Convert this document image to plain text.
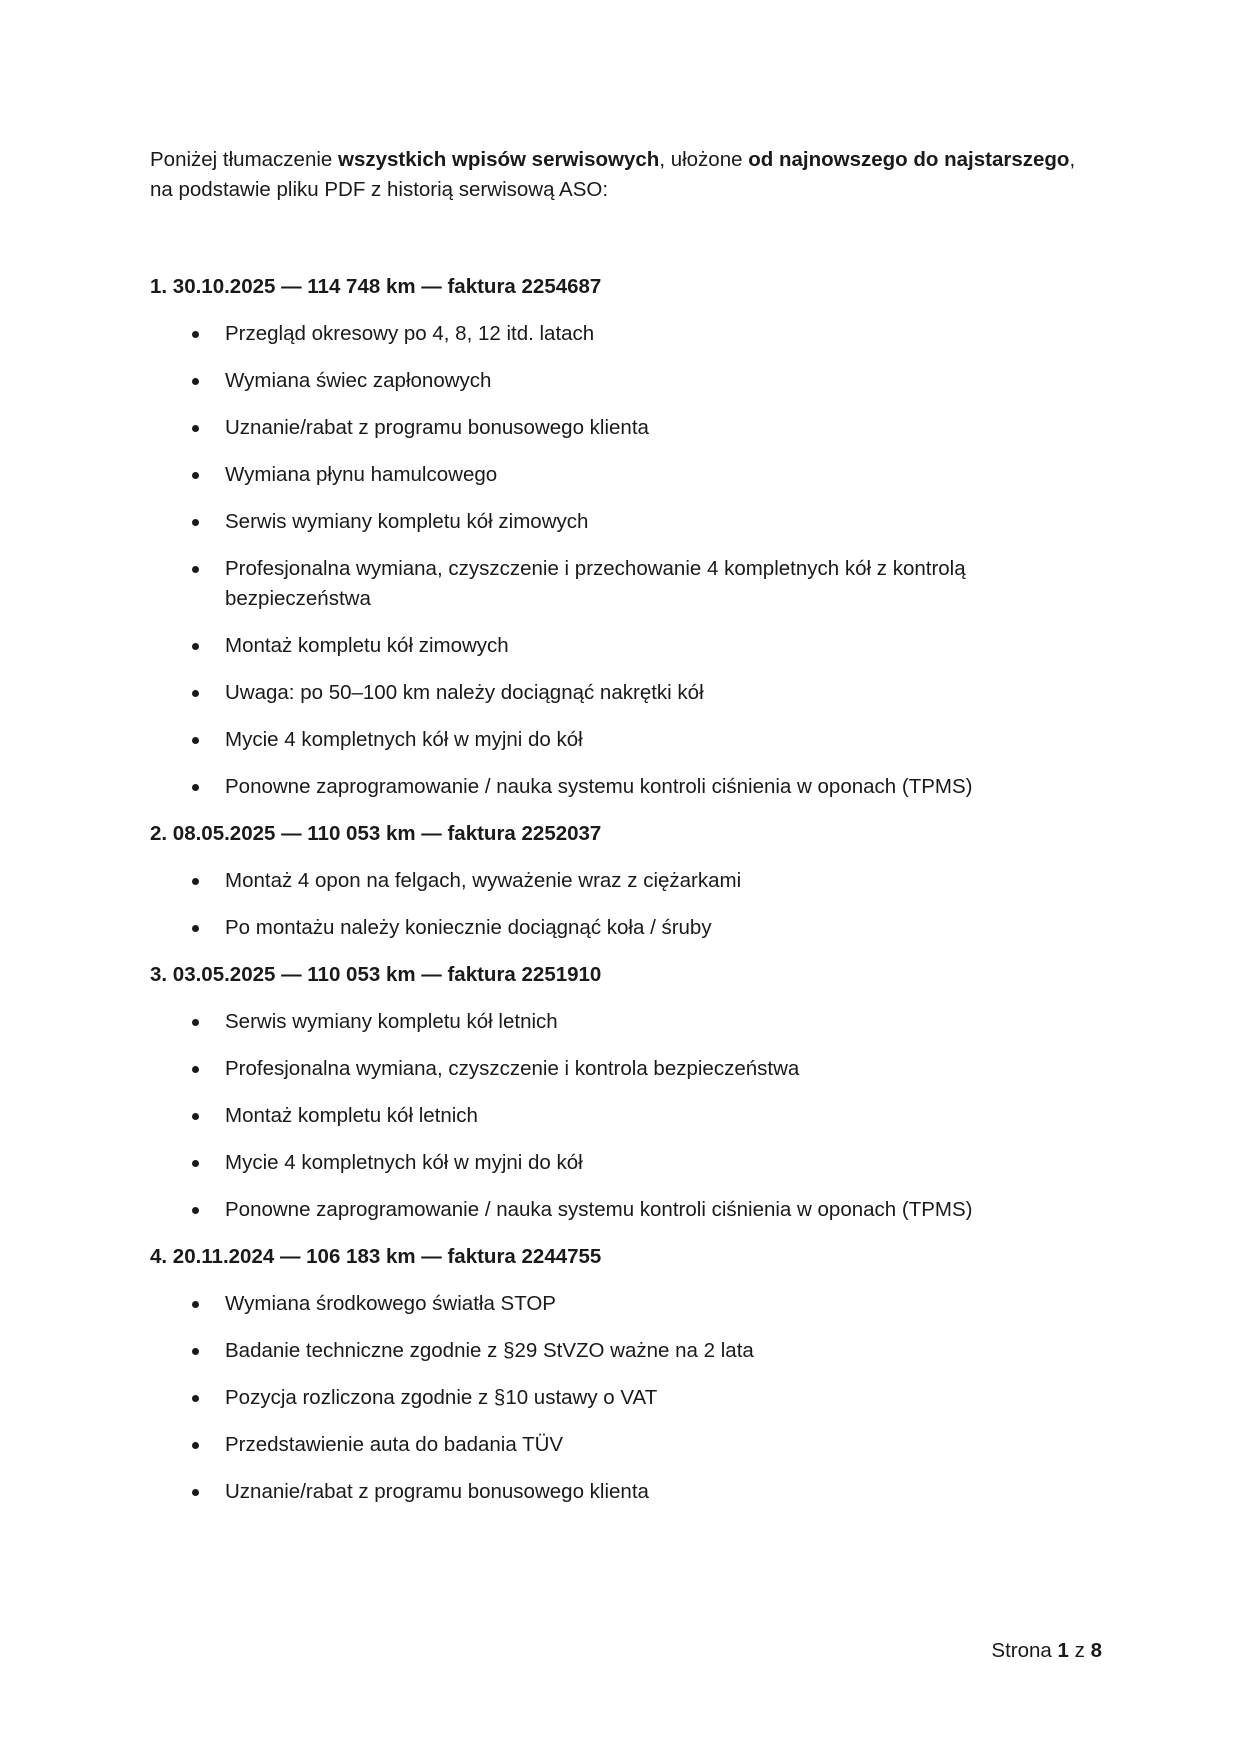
Poniżej tłumaczenie wszystkich wpisów serwisowych, ułożone od najnowszego do najstarszego, na podstawie pliku PDF z historią serwisową ASO:

1. 30.10.2025 — 114 748 km — faktura 2254687

Przegląd okresowy po 4, 8, 12 itd. latach
Wymiana świec zapłonowych
Uznanie/rabat z programu bonusowego klienta
Wymiana płynu hamulcowego
Serwis wymiany kompletu kół zimowych
Profesjonalna wymiana, czyszczenie i przechowanie 4 kompletnych kół z kontrolą bezpieczeństwa
Montaż kompletu kół zimowych
Uwaga: po 50–100 km należy dociągnąć nakrętki kół
Mycie 4 kompletnych kół w myjni do kół
Ponowne zaprogramowanie / nauka systemu kontroli ciśnienia w oponach (TPMS)

2. 08.05.2025 — 110 053 km — faktura 2252037

Montaż 4 opon na felgach, wyważenie wraz z ciężarkami
Po montażu należy koniecznie dociągnąć koła / śruby

3. 03.05.2025 — 110 053 km — faktura 2251910

Serwis wymiany kompletu kół letnich
Profesjonalna wymiana, czyszczenie i kontrola bezpieczeństwa
Montaż kompletu kół letnich
Mycie 4 kompletnych kół w myjni do kół
Ponowne zaprogramowanie / nauka systemu kontroli ciśnienia w oponach (TPMS)

4. 20.11.2024 — 106 183 km — faktura 2244755

Wymiana środkowego światła STOP
Badanie techniczne zgodnie z §29 StVZO ważne na 2 lata
Pozycja rozliczona zgodnie z §10 ustawy o VAT
Przedstawienie auta do badania TÜV
Uznanie/rabat z programu bonusowego klienta
Strona 1 z 8
